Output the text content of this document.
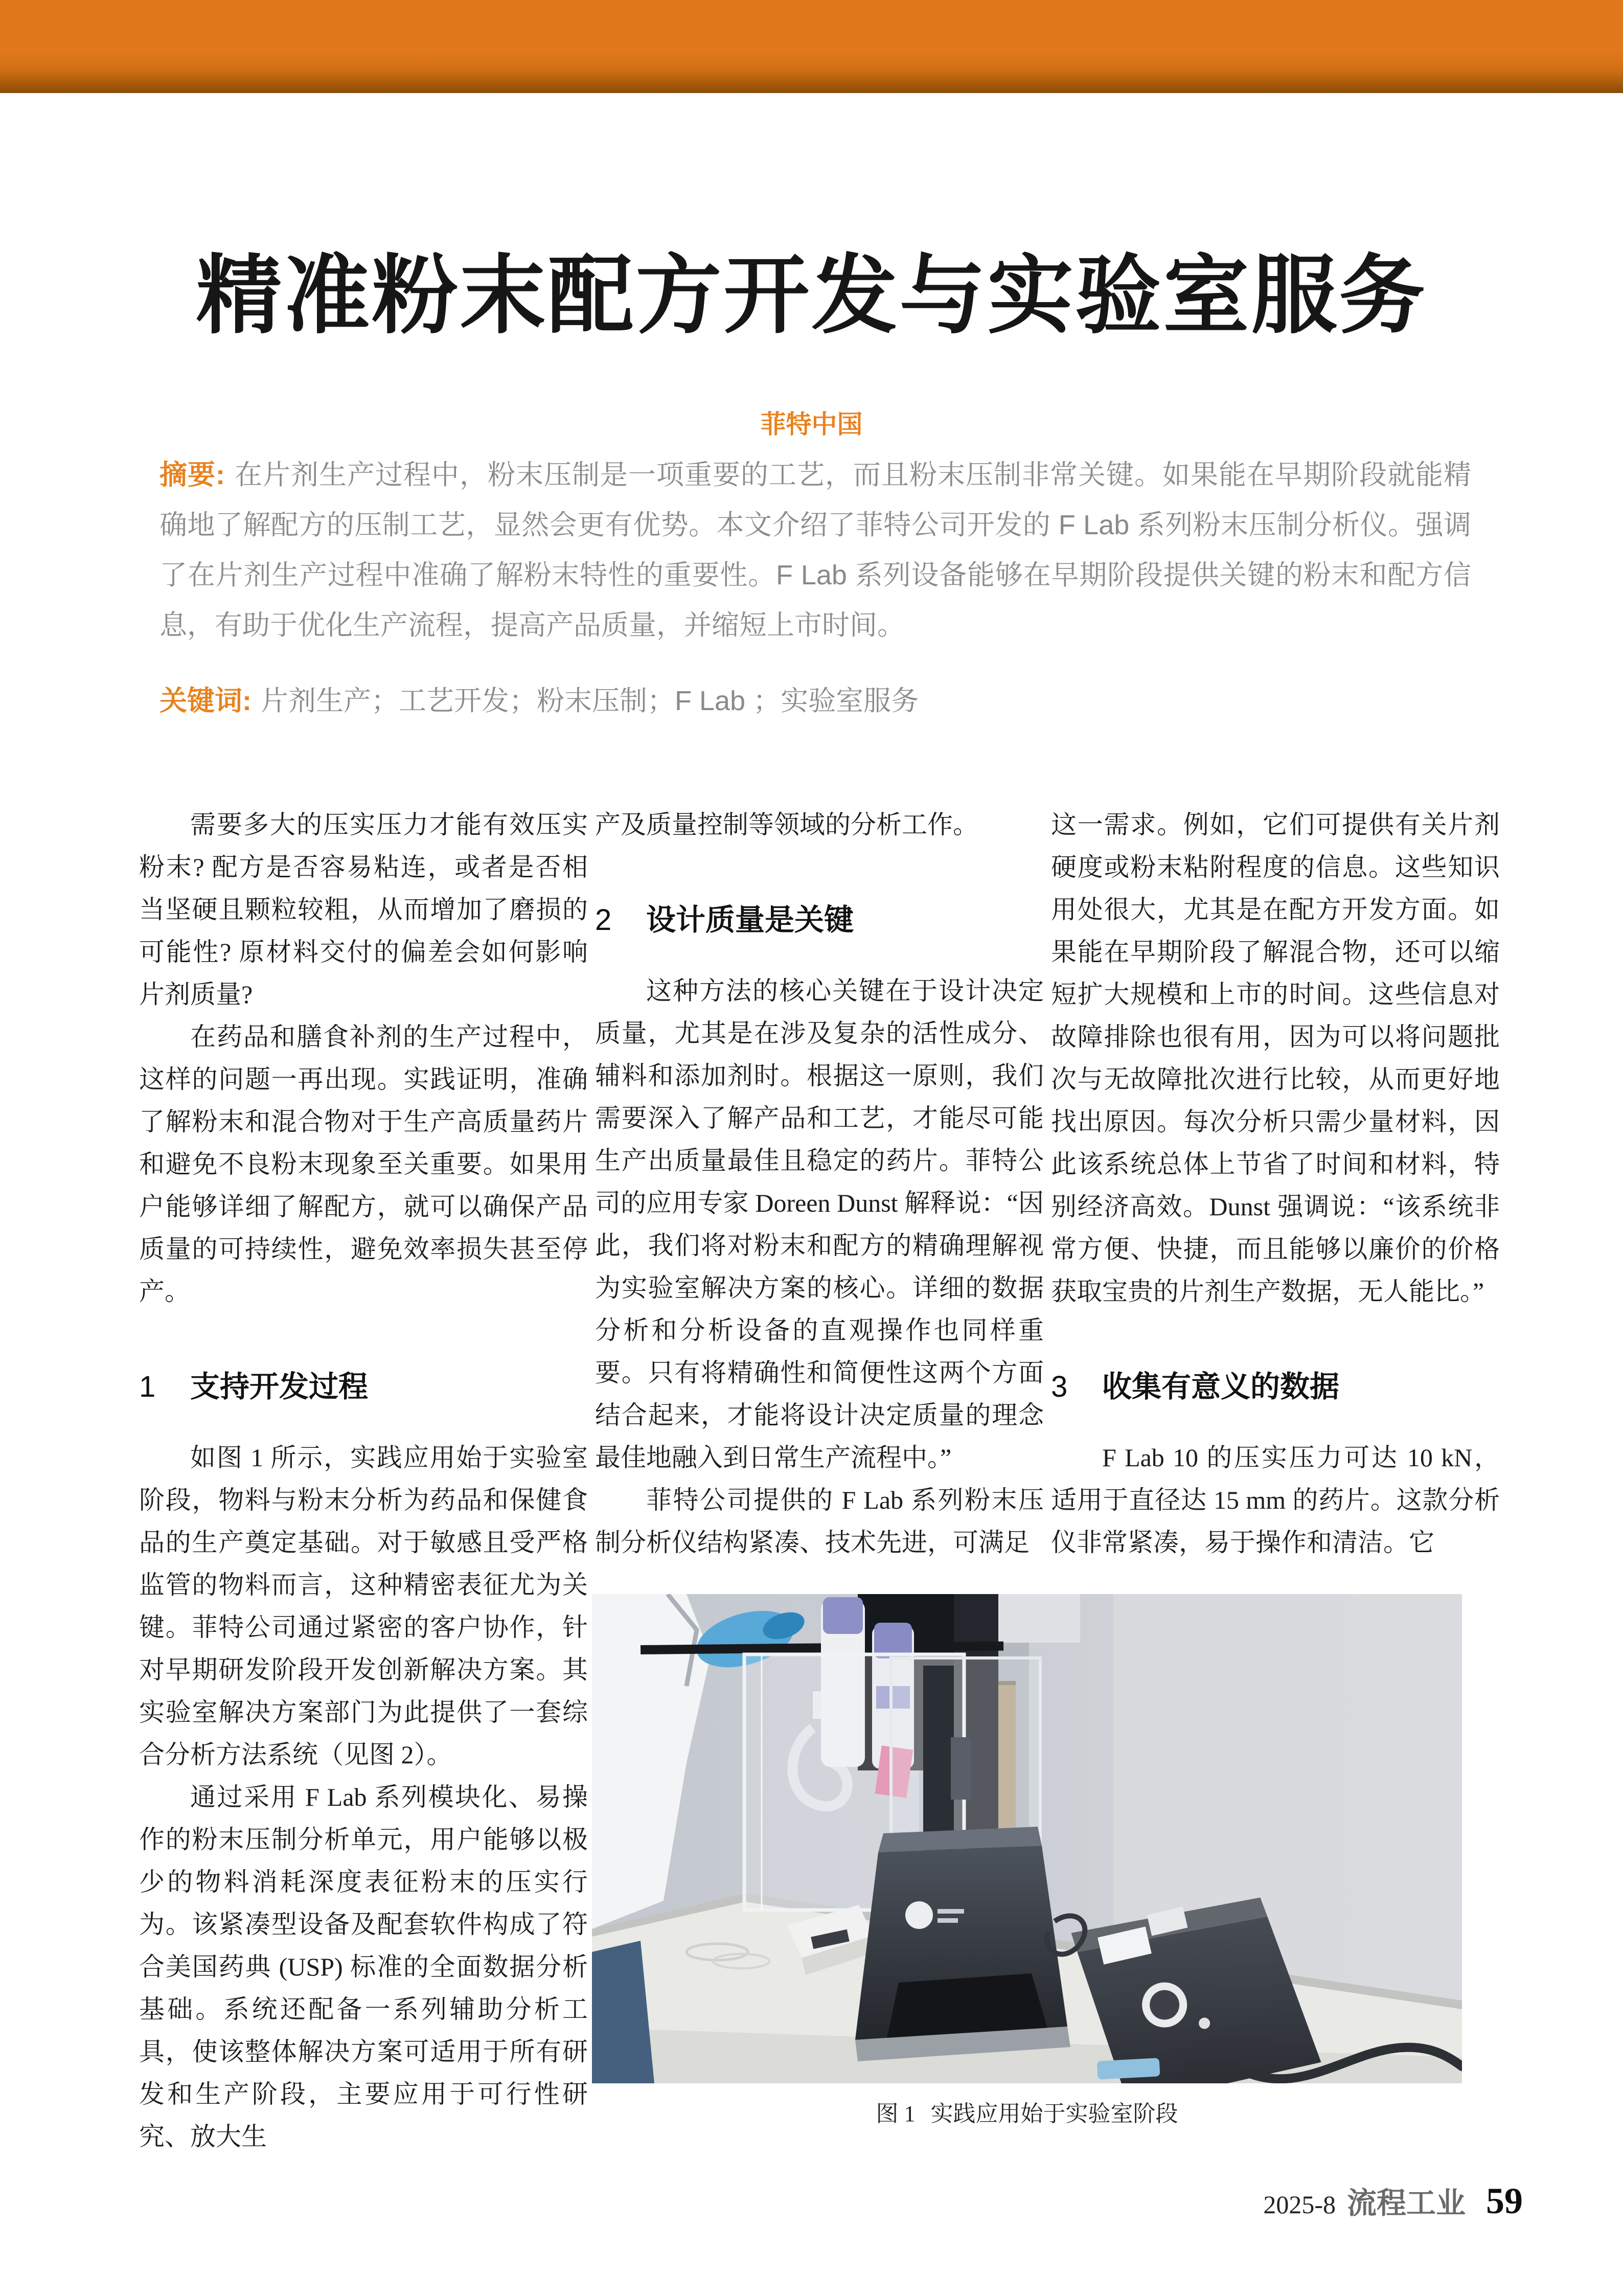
精准粉末配方开发与实验室服务
菲特中国
摘要: 在片剂生产过程中，粉末压制是一项重要的工艺，而且粉末压制非常关键。如果能在早期阶段就能精确地了解配方的压制工艺，显然会更有优势。本文介绍了菲特公司开发的 F Lab 系列粉末压制分析仪。强调了在片剂生产过程中准确了解粉末特性的重要性。F Lab 系列设备能够在早期阶段提供关键的粉末和配方信息，有助于优化生产流程，提高产品质量，并缩短上市时间。
关键词: 片剂生产；工艺开发；粉末压制；F Lab ；实验室服务

需要多大的压实压力才能有效压实粉末? 配方是否容易粘连，或者是否相当坚硬且颗粒较粗，从而增加了磨损的可能性? 原材料交付的偏差会如何影响片剂质量?

在药品和膳食补剂的生产过程中，这样的问题一再出现。实践证明，准确了解粉末和混合物对于生产高质量药片和避免不良粉末现象至关重要。如果用户能够详细了解配方，就可以确保产品质量的可持续性，避免效率损失甚至停产。

1 支持开发过程

如图 1 所示，实践应用始于实验室阶段，物料与粉末分析为药品和保健食品的生产奠定基础。对于敏感且受严格监管的物料而言，这种精密表征尤为关键。菲特公司通过紧密的客户协作，针对早期研发阶段开发创新解决方案。其实验室解决方案部门为此提供了一套综合分析方法系统（见图 2）。

通过采用 F Lab 系列模块化、易操作的粉末压制分析单元，用户能够以极少的物料消耗深度表征粉末的压实行为。该紧凑型设备及配套软件构成了符合美国药典 (USP) 标准的全面数据分析基础。系统还配备一系列辅助分析工具，使该整体解决方案可适用于所有研发和生产阶段，主要应用于可行性研究、放大生

产及质量控制等领域的分析工作。

2 设计质量是关键

这种方法的核心关键在于设计决定质量，尤其是在涉及复杂的活性成分、辅料和添加剂时。根据这一原则，我们需要深入了解产品和工艺，才能尽可能生产出质量最佳且稳定的药片。菲特公司的应用专家 Doreen Dunst 解释说：“因此，我们将对粉末和配方的精确理解视为实验室解决方案的核心。详细的数据分析和分析设备的直观操作也同样重要。只有将精确性和简便性这两个方面结合起来，才能将设计决定质量的理念最佳地融入到日常生产流程中。”

菲特公司提供的 F Lab 系列粉末压制分析仪结构紧凑、技术先进，可满足

这一需求。例如，它们可提供有关片剂硬度或粉末粘附程度的信息。这些知识用处很大，尤其是在配方开发方面。如果能在早期阶段了解混合物，还可以缩短扩大规模和上市的时间。这些信息对故障排除也很有用，因为可以将问题批次与无故障批次进行比较，从而更好地找出原因。每次分析只需少量材料，因此该系统总体上节省了时间和材料，特别经济高效。Dunst 强调说：“该系统非常方便、快捷，而且能够以廉价的价格获取宝贵的片剂生产数据，无人能比。”

3 收集有意义的数据

F Lab 10 的压实压力可达 10 kN，适用于直径达 15 mm 的药片。这款分析仪非常紧凑，易于操作和清洁。它

图 1 实践应用始于实验室阶段
2025-8 流程工业 59
